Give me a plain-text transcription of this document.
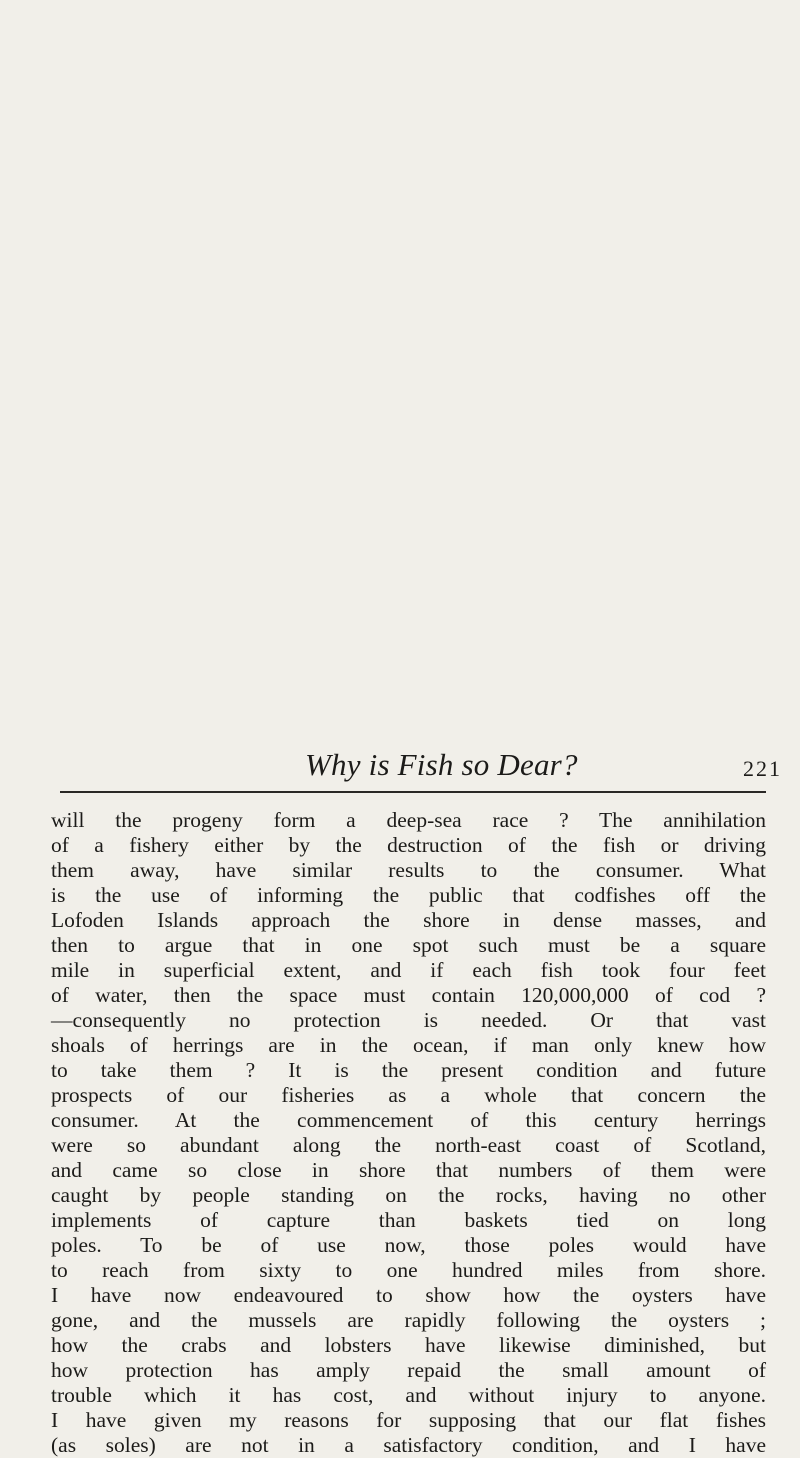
Why is Fish so Dear?	221
will the progeny form a deep-sea race ? The annihilation
of a fishery either by the destruction of the fish or driving
them away, have similar results to the consumer. What
is the use of informing the public that codfishes off the
Lofoden Islands approach the shore in dense masses, and
then to argue that in one spot such must be a square
mile in superficial extent, and if each fish took four feet
of water, then the space must contain 120,000,000 of cod ?
—consequently no protection is needed. Or that vast
shoals of herrings are in the ocean, if man only knew how
to take them ? It is the present condition and future
prospects of our fisheries as a whole that concern the
consumer. At the commencement of this century herrings
were so abundant along the north-east coast of Scotland,
and came so close in shore that numbers of them were
caught by people standing on the rocks, having no other
implements of capture than baskets tied on long
poles. To be of use now, those poles would have
to reach from sixty to one hundred miles from shore.
I have now endeavoured to show how the oysters have
gone, and the mussels are rapidly following the oysters ;
how the crabs and lobsters have likewise diminished, but
how protection has amply repaid the small amount of
trouble which it has cost, and without injury to anyone.
I have given my reasons for supposing that our flat fishes
(as soles) are not in a satisfactory condition, and I have
